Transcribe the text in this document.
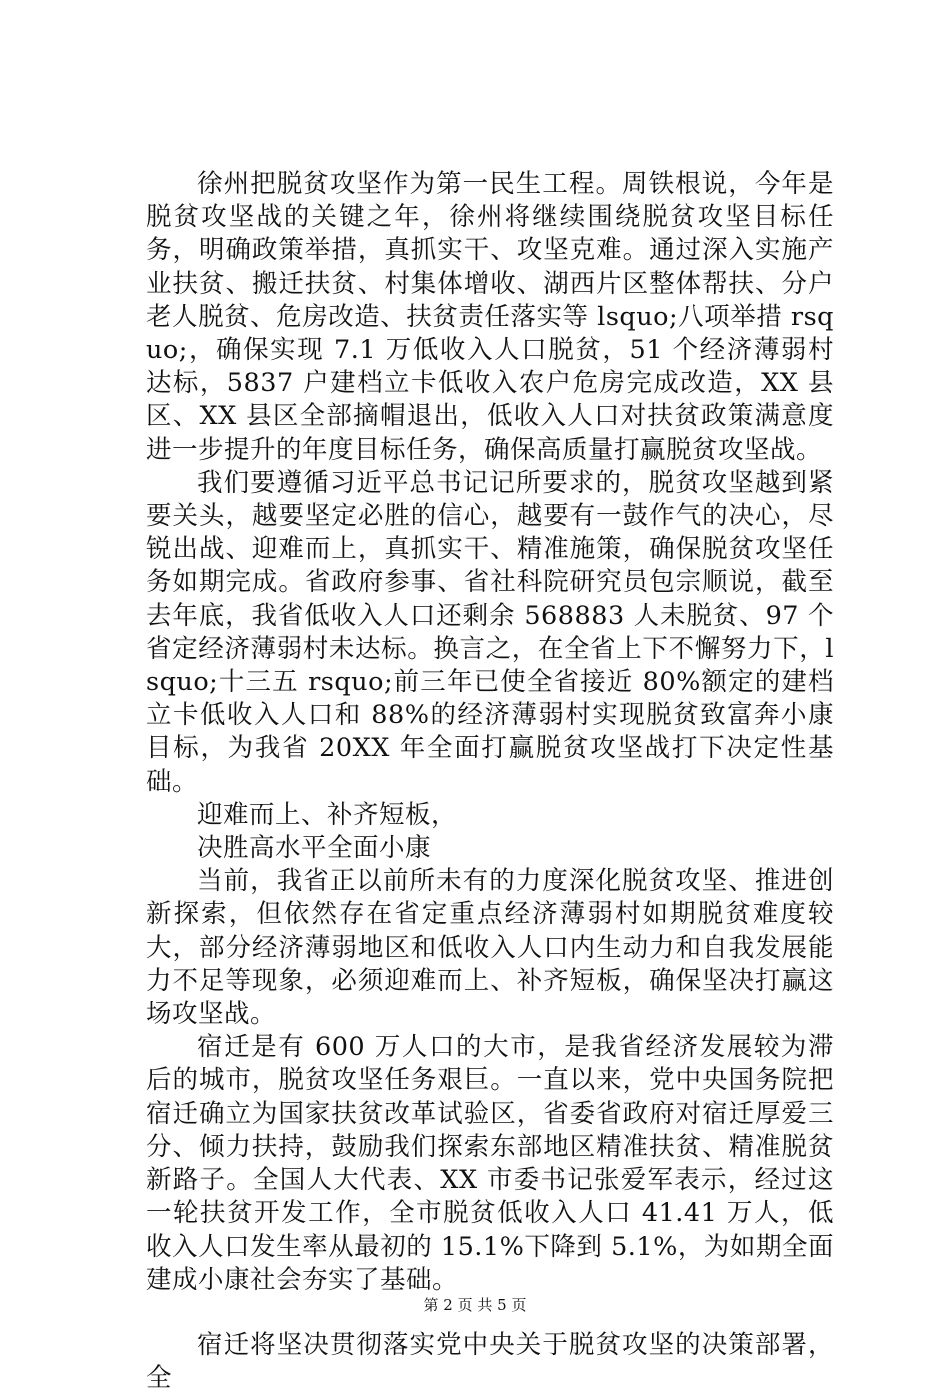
徐州把脱贫攻坚作为第一民生工程。周铁根说，今年是脱贫攻坚战的关键之年，徐州将继续围绕脱贫攻坚目标任务，明确政策举措，真抓实干、攻坚克难。通过深入实施产业扶贫、搬迁扶贫、村集体增收、湖西片区整体帮扶、分户老人脱贫、危房改造、扶贫责任落实等 lsquo;八项举措 rsquo;，确保实现 7.1 万低收入人口脱贫，51 个经济薄弱村达标，5837 户建档立卡低收入农户危房完成改造，XX 县区、XX 县区全部摘帽退出，低收入人口对扶贫政策满意度进一步提升的年度目标任务，确保高质量打赢脱贫攻坚战。

我们要遵循习近平总书记记所要求的，脱贫攻坚越到紧要关头，越要坚定必胜的信心，越要有一鼓作气的决心，尽锐出战、迎难而上，真抓实干、精准施策，确保脱贫攻坚任务如期完成。省政府参事、省社科院研究员包宗顺说，截至去年底，我省低收入人口还剩余 568883 人未脱贫、97 个省定经济薄弱村未达标。换言之，在全省上下不懈努力下，lsquo;十三五 rsquo;前三年已使全省接近 80%额定的建档立卡低收入人口和 88%的经济薄弱村实现脱贫致富奔小康目标，为我省 20XX 年全面打赢脱贫攻坚战打下决定性基础。

迎难而上、补齐短板，

决胜高水平全面小康

当前，我省正以前所未有的力度深化脱贫攻坚、推进创新探索，但依然存在省定重点经济薄弱村如期脱贫难度较大，部分经济薄弱地区和低收入人口内生动力和自我发展能力不足等现象，必须迎难而上、补齐短板，确保坚决打赢这场攻坚战。

宿迁是有 600 万人口的大市，是我省经济发展较为滞后的城市，脱贫攻坚任务艰巨。一直以来，党中央国务院把宿迁确立为国家扶贫改革试验区，省委省政府对宿迁厚爱三分、倾力扶持，鼓励我们探索东部地区精准扶贫、精准脱贫新路子。全国人大代表、XX 市委书记张爱军表示，经过这一轮扶贫开发工作，全市脱贫低收入人口 41.41 万人，低收入人口发生率从最初的 15.1%下降到 5.1%，为如期全面建成小康社会夯实了基础。

宿迁将坚决贯彻落实党中央关于脱贫攻坚的决策部署，全

第 2 页 共 5 页
